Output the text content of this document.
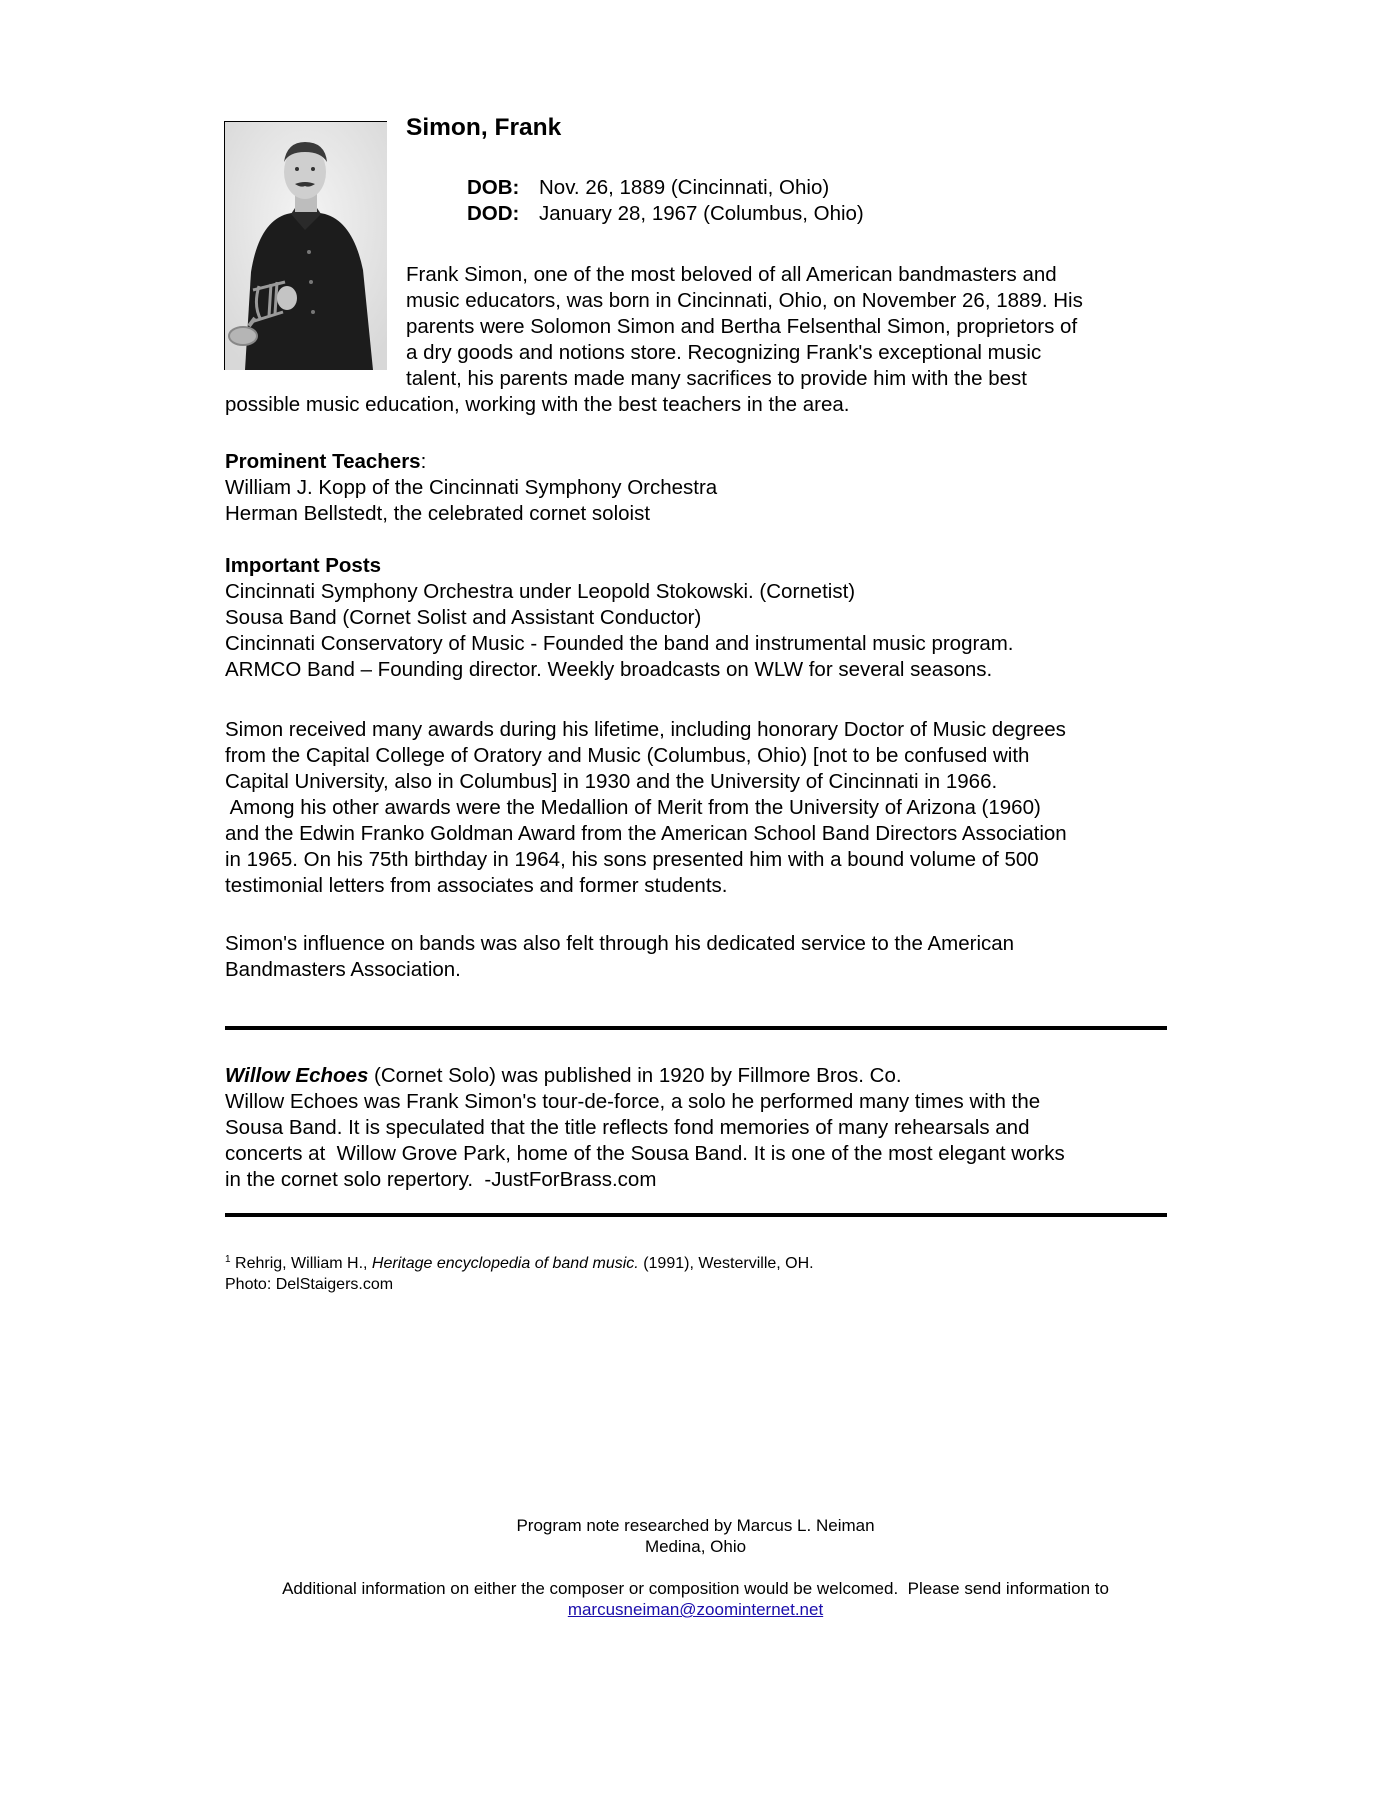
Simon, Frank
DOB: Nov. 26, 1889 (Cincinnati, Ohio)
DOD: January 28, 1967 (Columbus, Ohio)
Frank Simon, one of the most beloved of all American bandmasters and
music educators, was born in Cincinnati, Ohio, on November 26, 1889. His
parents were Solomon Simon and Bertha Felsenthal Simon, proprietors of
a dry goods and notions store. Recognizing Frank's exceptional music
talent, his parents made many sacrifices to provide him with the best
possible music education, working with the best teachers in the area.
Prominent Teachers:
William J. Kopp of the Cincinnati Symphony Orchestra
Herman Bellstedt, the celebrated cornet soloist
Important Posts
Cincinnati Symphony Orchestra under Leopold Stokowski. (Cornetist)
Sousa Band (Cornet Solist and Assistant Conductor)
Cincinnati Conservatory of Music - Founded the band and instrumental music program.
ARMCO Band – Founding director. Weekly broadcasts on WLW for several seasons.
Simon received many awards during his lifetime, including honorary Doctor of Music degrees
from the Capital College of Oratory and Music (Columbus, Ohio) [not to be confused with
Capital University, also in Columbus] in 1930 and the University of Cincinnati in 1966.
Among his other awards were the Medallion of Merit from the University of Arizona (1960)
and the Edwin Franko Goldman Award from the American School Band Directors Association
in 1965. On his 75th birthday in 1964, his sons presented him with a bound volume of 500
testimonial letters from associates and former students.
Simon's influence on bands was also felt through his dedicated service to the American
Bandmasters Association.
Willow Echoes (Cornet Solo) was published in 1920 by Fillmore Bros. Co.
Willow Echoes was Frank Simon's tour-de-force, a solo he performed many times with the
Sousa Band. It is speculated that the title reflects fond memories of many rehearsals and
concerts at  Willow Grove Park, home of the Sousa Band. It is one of the most elegant works
in the cornet solo repertory.  -JustForBrass.com
$^1$ Rehrig, William H., Heritage encyclopedia of band music. (1991), Westerville, OH.
Photo: DelStaigers.com
Program note researched by Marcus L. Neiman
Medina, Ohio
Additional information on either the composer or composition would be welcomed.  Please send information to
marcusneiman@zoominternet.net
